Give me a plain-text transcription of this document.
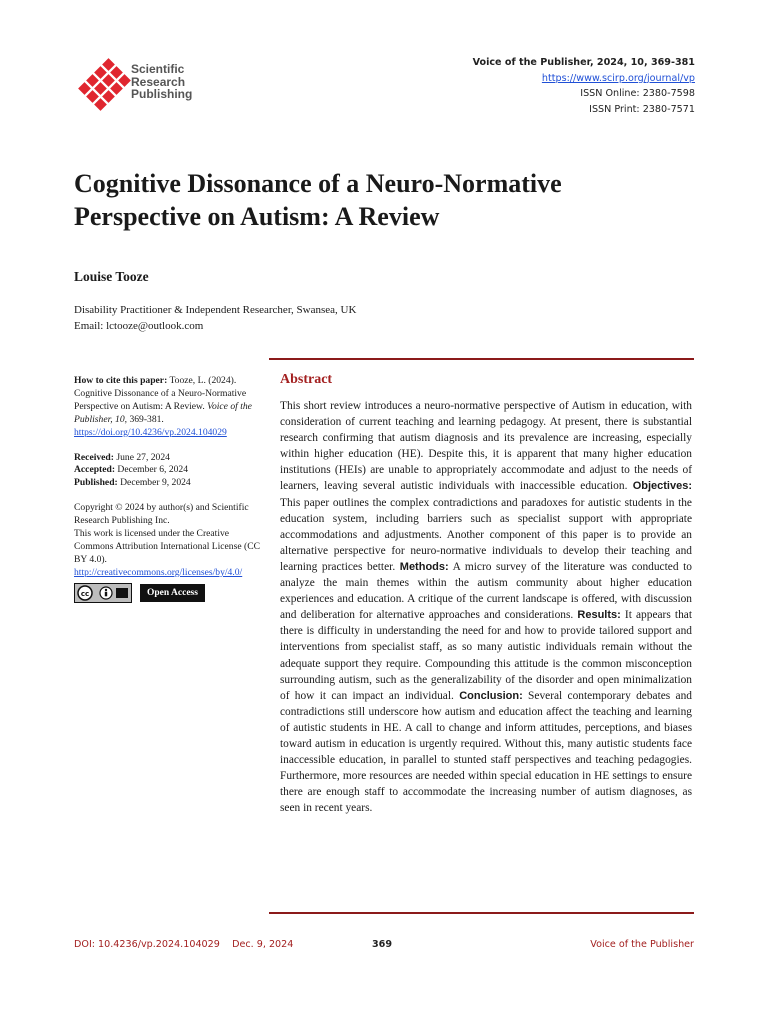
Scientific
Research
Publishing
Voice of the Publisher, 2024, 10, 369-381
https://www.scirp.org/journal/vp
ISSN Online: 2380-7598
ISSN Print: 2380-7571
Cognitive Dissonance of a Neuro-Normative
Perspective on Autism: A Review
Louise Tooze
Disability Practitioner & Independent Researcher, Swansea, UK
Email: lctooze@outlook.com

How to cite this paper: Tooze, L. (2024). Cognitive Dissonance of a Neuro-Normative Perspective on Autism: A Review. Voice of the Publisher, 10, 369-381.
https://doi.org/10.4236/vp.2024.104029

Received: June 27, 2024
Accepted: December 6, 2024
Published: December 9, 2024

Copyright © 2024 by author(s) and Scientific Research Publishing Inc.
This work is licensed under the Creative Commons Attribution International License (CC BY 4.0).
http://creativecommons.org/licenses/by/4.0/

cc	Open Access
Abstract
This short review introduces a neuro-normative perspective of Autism in education, with consideration of current teaching and learning pedagogy. At present, there is substantial research confirming that autism diagnosis and its prevalence are increasing, especially within higher education (HE). Despite this, it is apparent that many higher education institutions (HEIs) are unable to appropriately accommodate and adjust to the needs of learners, leaving several autistic individuals with inaccessible education. Objectives: This paper outlines the complex contradictions and paradoxes for autistic students in the education system, including barriers such as specialist support with appropriate accommodations and adjustments. Another component of this paper is to provide an alternative perspective for neuro-normative individuals to develop their teaching and learning practices better. Methods: A micro survey of the literature was conducted to analyze the main themes within the autism community about higher education experiences and education. A critique of the current landscape is offered, with discussion and deliberation for alternative approaches and considerations. Results: It appears that there is difficulty in understanding the need for and how to provide tailored support and interventions from specialist staff, as so many autistic individuals remain without the adequate support they require. Compounding this attitude is the common misconception surrounding autism, such as the generalizability of the disorder and open minimalization of how it can impact an individual. Conclusion: Several contemporary debates and contradictions still underscore how autism and education affect the teaching and learning of autistic students in HE. A call to change and inform attitudes, perceptions, and biases toward autism in education is urgently required. Without this, many autistic students face inaccessible education, in parallel to stunted staff perspectives and teaching pedagogies. Furthermore, more resources are needed within special education in HE settings to ensure there are enough staff to accommodate the increasing number of autism diagnoses, as seen in recent years.
DOI: 10.4236/vp.2024.104029 Dec. 9, 2024	369	Voice of the Publisher
